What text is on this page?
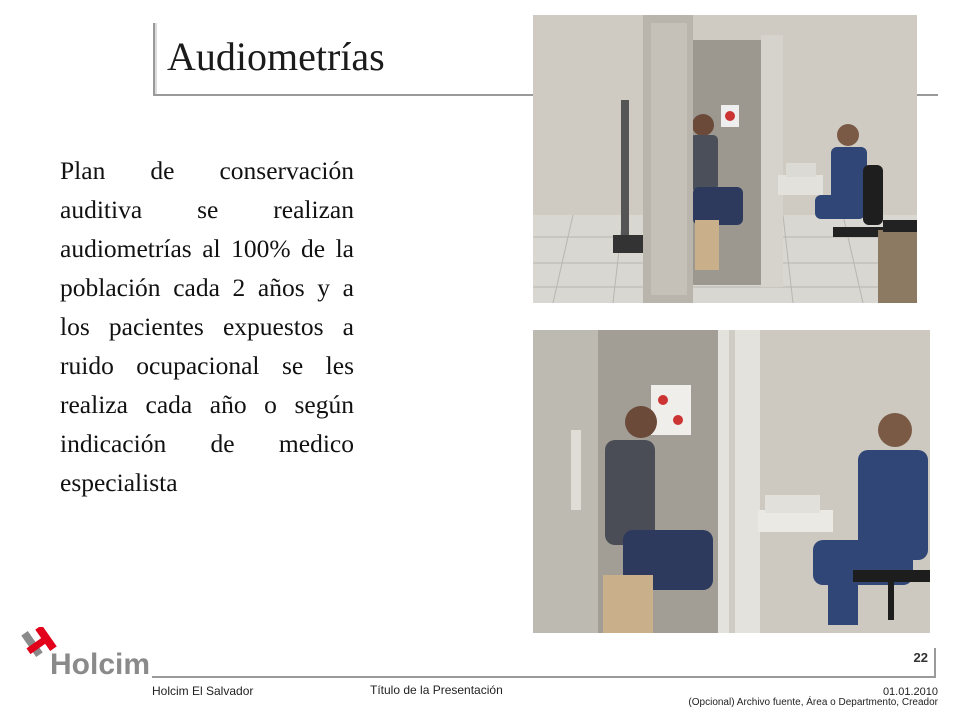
Audiometrías
Plan de conservación auditiva se realizan audiometrías al 100% de la población cada 2 años y a los pacientes expuestos a ruido ocupacional se les realiza cada año o según indicación de medico especialista
Holcim	22
Holcim El Salvador	Título de la Presentación	01.01.2010
(Opcional) Archivo fuente, Área o Departmento, Creador
